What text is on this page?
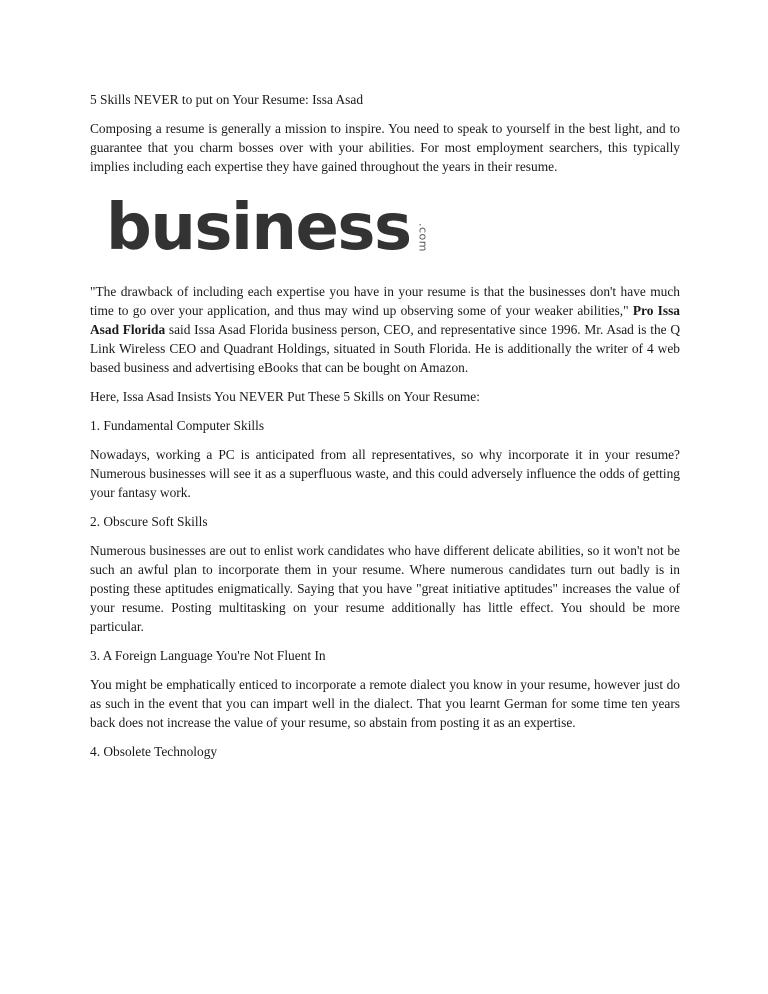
5 Skills NEVER to put on Your Resume: Issa Asad

Composing a resume is generally a mission to inspire. You need to speak to yourself in the best light, and to guarantee that you charm bosses over with your abilities. For most employment searchers, this typically implies including each expertise they have gained throughout the years in their resume.

business .com

"The drawback of including each expertise you have in your resume is that the businesses don't have much time to go over your application, and thus may wind up observing some of your weaker abilities," Pro Issa Asad Florida said Issa Asad Florida business person, CEO, and representative since 1996. Mr. Asad is the Q Link Wireless CEO and Quadrant Holdings, situated in South Florida. He is additionally the writer of 4 web based business and advertising eBooks that can be bought on Amazon.

Here, Issa Asad Insists You NEVER Put These 5 Skills on Your Resume:
1. Fundamental Computer Skills

Nowadays, working a PC is anticipated from all representatives, so why incorporate it in your resume? Numerous businesses will see it as a superfluous waste, and this could adversely influence the odds of getting your fantasy work.

2. Obscure Soft Skills

Numerous businesses are out to enlist work candidates who have different delicate abilities, so it won't not be such an awful plan to incorporate them in your resume. Where numerous candidates turn out badly is in posting these aptitudes enigmatically. Saying that you have "great initiative aptitudes" increases the value of your resume. Posting multitasking on your resume additionally has little effect. You should be more particular.

3. A Foreign Language You're Not Fluent In

You might be emphatically enticed to incorporate a remote dialect you know in your resume, however just do as such in the event that you can impart well in the dialect. That you learnt German for some time ten years back does not increase the value of your resume, so abstain from posting it as an expertise.

4. Obsolete Technology
